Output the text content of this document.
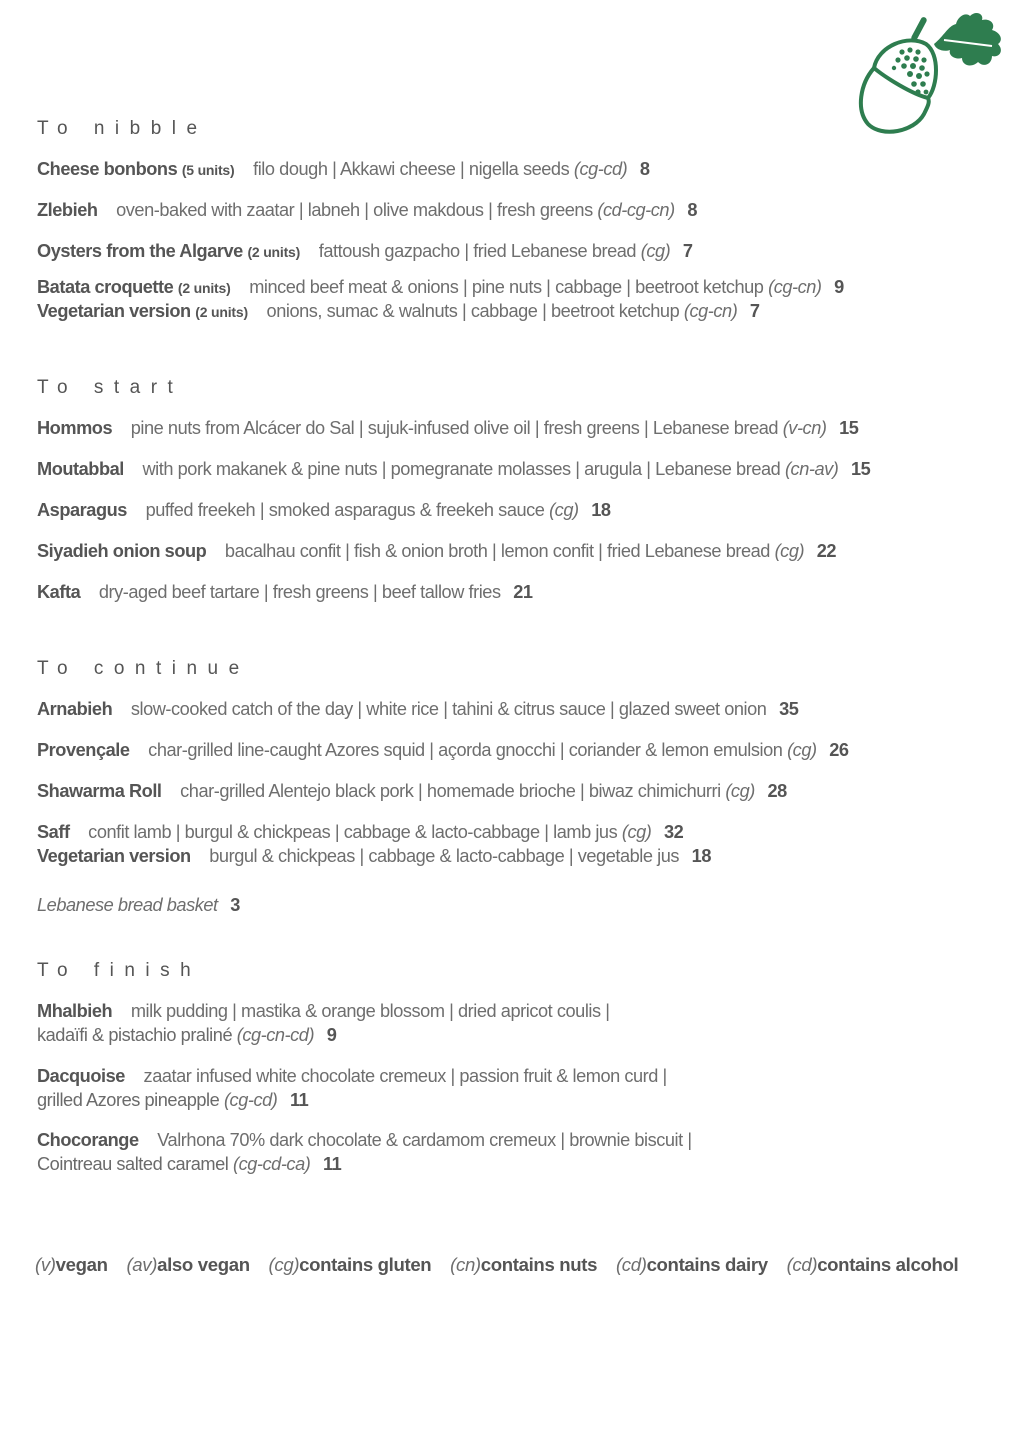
To nibble
Cheese bonbons (5 units) filo dough | Akkawi cheese | nigella seeds (cg-cd) 8
Zlebieh oven-baked with zaatar | labneh | olive makdous | fresh greens (cd-cg-cn) 8
Oysters from the Algarve (2 units) fattoush gazpacho | fried Lebanese bread (cg) 7
Batata croquette (2 units) minced beef meat & onions | pine nuts | cabbage | beetroot ketchup (cg-cn) 9
Vegetarian version (2 units) onions, sumac & walnuts | cabbage | beetroot ketchup (cg-cn) 7
To start
Hommos pine nuts from Alcácer do Sal | sujuk-infused olive oil | fresh greens | Lebanese bread (v-cn) 15
Moutabbal with pork makanek & pine nuts | pomegranate molasses | arugula | Lebanese bread (cn-av) 15
Asparagus puffed freekeh | smoked asparagus & freekeh sauce (cg) 18
Siyadieh onion soup bacalhau confit | fish & onion broth | lemon confit | fried Lebanese bread (cg) 22
Kafta dry-aged beef tartare | fresh greens | beef tallow fries 21
To continue
Arnabieh slow-cooked catch of the day | white rice | tahini & citrus sauce | glazed sweet onion 35
Provençale char-grilled line-caught Azores squid | açorda gnocchi | coriander & lemon emulsion (cg) 26
Shawarma Roll char-grilled Alentejo black pork | homemade brioche | biwaz chimichurri (cg) 28
Saff confit lamb | burgul & chickpeas | cabbage & lacto-cabbage | lamb jus (cg) 32
Vegetarian version burgul & chickpeas | cabbage & lacto-cabbage | vegetable jus 18
Lebanese bread basket 3
To finish
Mhalbieh milk pudding | mastika & orange blossom | dried apricot coulis |
kadaïfi & pistachio praliné (cg-cn-cd) 9
Dacquoise zaatar infused white chocolate cremeux | passion fruit & lemon curd |
grilled Azores pineapple (cg-cd) 11
Chocorange Valrhona 70% dark chocolate & cardamom cremeux | brownie biscuit |
Cointreau salted caramel (cg-cd-ca) 11
(v)vegan (av)also vegan (cg)contains gluten (cn)contains nuts (cd)contains dairy (cd)contains alcohol
